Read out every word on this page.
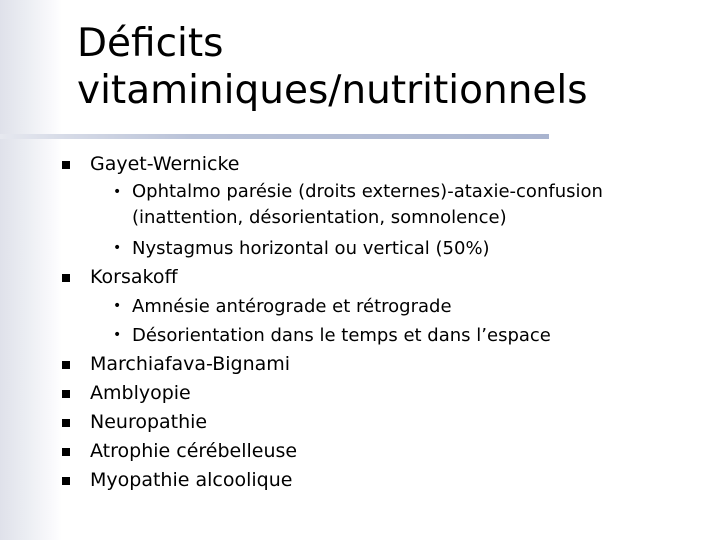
Déficits vitaminiques/nutritionnels
Gayet-Wernicke
• Ophtalmo parésie (droits externes)-ataxie-confusion (inattention, désorientation, somnolence)
• Nystagmus horizontal ou vertical (50%)
Korsakoff
• Amnésie antérograde et rétrograde
• Désorientation dans le temps et dans l’espace
Marchiafava-Bignami
Amblyopie
Neuropathie
Atrophie cérébelleuse
Myopathie alcoolique
